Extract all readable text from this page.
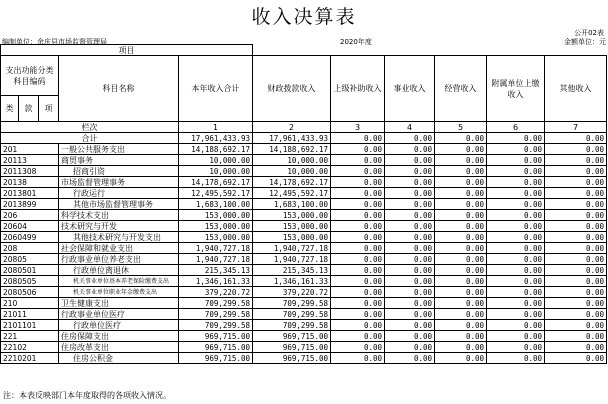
收入决算表
公开02表
编制单位：余庆县市场监督管理局	2020年度	金额单位：元
项目										
支出功能分类科目编码			科目名称	本年收入合计	财政拨款收入	上级补助收入	事业收入	经营收入	附属单位上缴收入	其他收入
类	款	项								
栏次				1	2	3	4	5	6	7
合计				17,961,433.93	17,961,433.93	0.00	0.00	0.00	0.00	0.00
201			一般公共服务支出	14,188,692.17	14,188,692.17	0.00	0.00	0.00	0.00	0.00
20113			商贸事务	10,000.00	10,000.00	0.00	0.00	0.00	0.00	0.00
2011308			招商引资	10,000.00	10,000.00	0.00	0.00	0.00	0.00	0.00
20138			市场监督管理事务	14,178,692.17	14,178,692.17	0.00	0.00	0.00	0.00	0.00
2013801			行政运行	12,495,592.17	12,495,592.17	0.00	0.00	0.00	0.00	0.00
2013899			其他市场监督管理事务	1,683,100.00	1,683,100.00	0.00	0.00	0.00	0.00	0.00
206			科学技术支出	153,000.00	153,000.00	0.00	0.00	0.00	0.00	0.00
20604			技术研究与开发	153,000.00	153,000.00	0.00	0.00	0.00	0.00	0.00
2060499			其他技术研究与开发支出	153,000.00	153,000.00	0.00	0.00	0.00	0.00	0.00
208			社会保障和就业支出	1,940,727.18	1,940,727.18	0.00	0.00	0.00	0.00	0.00
20805			行政事业单位养老支出	1,940,727.18	1,940,727.18	0.00	0.00	0.00	0.00	0.00
2080501			行政单位离退休	215,345.13	215,345.13	0.00	0.00	0.00	0.00	0.00
2080505			机关事业单位基本养老保险缴费支出	1,346,161.33	1,346,161.33	0.00	0.00	0.00	0.00	0.00
2080506			机关事业单位职业年金缴费支出	379,220.72	379,220.72	0.00	0.00	0.00	0.00	0.00
210			卫生健康支出	709,299.58	709,299.58	0.00	0.00	0.00	0.00	0.00
21011			行政事业单位医疗	709,299.58	709,299.58	0.00	0.00	0.00	0.00	0.00
2101101			行政单位医疗	709,299.58	709,299.58	0.00	0.00	0.00	0.00	0.00
221			住房保障支出	969,715.00	969,715.00	0.00	0.00	0.00	0.00	0.00
22102			住房改革支出	969,715.00	969,715.00	0.00	0.00	0.00	0.00	0.00
2210201			住房公积金	969,715.00	969,715.00	0.00	0.00	0.00	0.00	0.00
注：本表反映部门本年度取得的各项收入情况。
